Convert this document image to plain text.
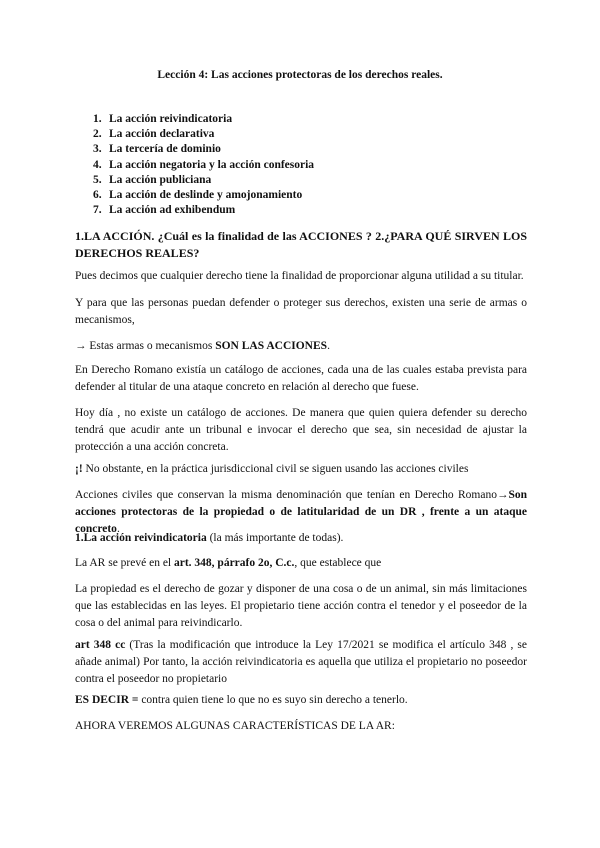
Lección 4: Las acciones protectoras de los derechos reales.
1. La acción reivindicatoria
2. La acción declarativa
3. La tercería de dominio
4. La acción negatoria y la acción confesoria
5. La acción publiciana
6. La acción de deslinde y amojonamiento
7. La acción ad exhibendum
1.LA ACCIÓN. ¿Cuál es la finalidad de las ACCIONES ? 2.¿PARA QUÉ SIRVEN LOS DERECHOS REALES?
Pues decimos que cualquier derecho tiene la finalidad de proporcionar alguna utilidad a su titular.
Y para que las personas puedan defender o proteger sus derechos, existen una serie de armas o mecanismos,
→ Estas armas o mecanismos SON LAS ACCIONES.
En Derecho Romano existía un catálogo de acciones, cada una de las cuales estaba prevista para defender al titular de una ataque concreto en relación al derecho que fuese.
Hoy día , no existe un catálogo de acciones. De manera que quien quiera defender su derecho tendrá que acudir ante un tribunal e invocar el derecho que sea, sin necesidad de ajustar la protección a una acción concreta.
¡! No obstante, en la práctica jurisdiccional civil se siguen usando las acciones civiles
Acciones civiles que conservan la misma denominación que tenían en Derecho Romano→Son acciones protectoras de la propiedad o de latitularidad de un DR , frente a un ataque concreto.
1.La acción reivindicatoria (la más importante de todas).
La AR se prevé en el art. 348, párrafo 2o, C.c., que establece que
La propiedad es el derecho de gozar y disponer de una cosa o de un animal, sin más limitaciones que las establecidas en las leyes. El propietario tiene acción contra el tenedor y el poseedor de la cosa o del animal para reivindicarlo.
art 348 cc (Tras la modificación que introduce la Ley 17/2021 se modifica el artículo 348 , se añade animal) Por tanto, la acción reivindicatoria es aquella que utiliza el propietario no poseedor contra el poseedor no propietario
ES DECIR = contra quien tiene lo que no es suyo sin derecho a tenerlo.
AHORA VEREMOS ALGUNAS CARACTERÍSTICAS DE LA AR:
